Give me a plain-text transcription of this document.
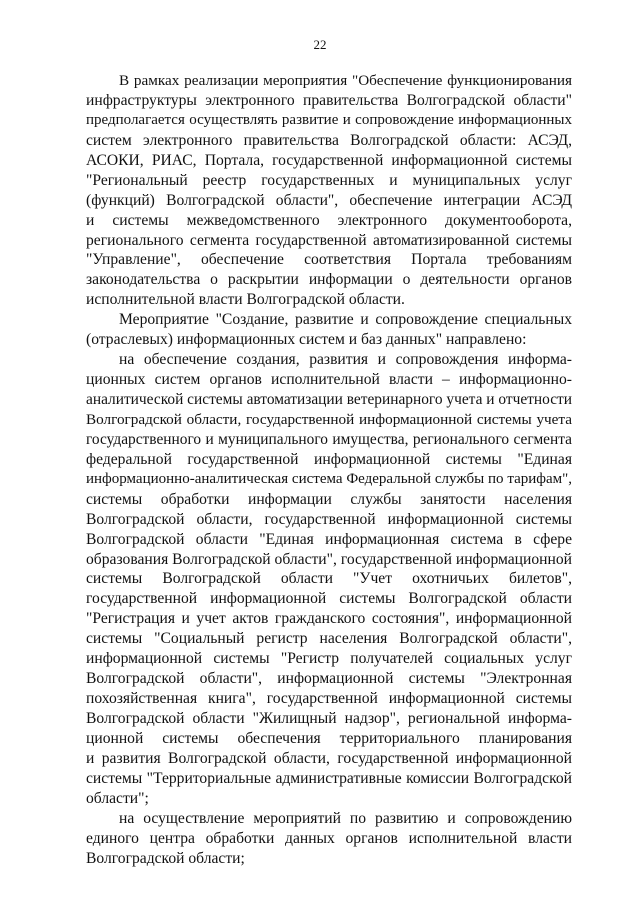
22
В рамках реализации мероприятия "Обеспечение функционирования
инфраструктуры электронного правительства Волгоградской области"
предполагается осуществлять развитие и сопровождение информационных
систем электронного правительства Волгоградской области: АСЭД,
АСОКИ, РИАС, Портала, государственной информационной системы
"Региональный реестр государственных и муниципальных услуг
(функций) Волгоградской области", обеспечение интеграции АСЭД
и системы межведомственного электронного документооборота,
регионального сегмента государственной автоматизированной системы
"Управление", обеспечение соответствия Портала требованиям
законодательства о раскрытии информации о деятельности органов
исполнительной власти Волгоградской области.
Мероприятие "Создание, развитие и сопровождение специальных
(отраслевых) информационных систем и баз данных" направлено:
на обеспечение создания, развития и сопровождения информа-
ционных систем органов исполнительной власти – информационно-
аналитической системы автоматизации ветеринарного учета и отчетности
Волгоградской области, государственной информационной системы учета
государственного и муниципального имущества, регионального сегмента
федеральной государственной информационной системы "Единая
информационно-аналитическая система Федеральной службы по тарифам",
системы обработки информации службы занятости населения
Волгоградской области, государственной информационной системы
Волгоградской области "Единая информационная система в сфере
образования Волгоградской области", государственной информационной
системы Волгоградской области "Учет охотничьих билетов",
государственной информационной системы Волгоградской области
"Регистрация и учет актов гражданского состояния", информационной
системы "Социальный регистр населения Волгоградской области",
информационной системы "Регистр получателей социальных услуг
Волгоградской области", информационной системы "Электронная
похозяйственная книга", государственной информационной системы
Волгоградской области "Жилищный надзор", региональной информа-
ционной системы обеспечения территориального планирования
и развития Волгоградской области, государственной информационной
системы "Территориальные административные комиссии Волгоградской
области";
на осуществление мероприятий по развитию и сопровождению
единого центра обработки данных органов исполнительной власти
Волгоградской области;
